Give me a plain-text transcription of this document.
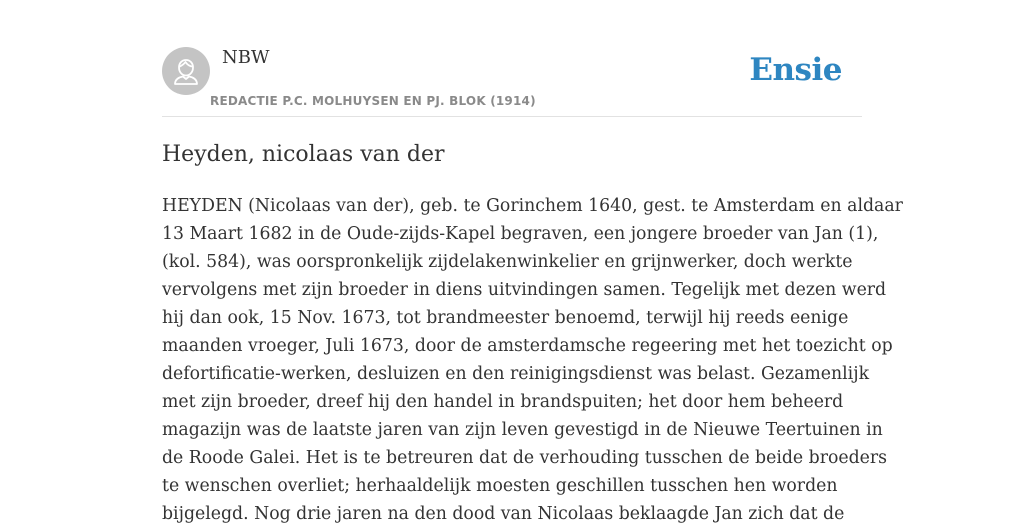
NBW
REDACTIE P.C. MOLHUYSEN EN PJ. BLOK (1914)
Ensie
Heyden, nicolaas van der

HEYDEN (Nicolaas van der), geb. te Gorinchem 1640, gest. te Amsterdam en aldaar
13 Maart 1682 in de Oude-zijds-Kapel begraven, een jongere broeder van Jan (1),
(kol. 584), was oorspronkelijk zijdelakenwinkelier en grijnwerker, doch werkte
vervolgens met zijn broeder in diens uitvindingen samen. Tegelijk met dezen werd
hij dan ook, 15 Nov. 1673, tot brandmeester benoemd, terwijl hij reeds eenige
maanden vroeger, Juli 1673, door de amsterdamsche regeering met het toezicht op
defortificatie-werken, desluizen en den reinigingsdienst was belast. Gezamenlijk
met zijn broeder, dreef hij den handel in brandspuiten; het door hem beheerd
magazijn was de laatste jaren van zijn leven gevestigd in de Nieuwe Teertuinen in
de Roode Galei. Het is te betreuren dat de verhouding tusschen de beide broeders
te wenschen overliet; herhaaldelijk moesten geschillen tusschen hen worden
bijgelegd. Nog drie jaren na den dood van Nicolaas beklaagde Jan zich dat de
